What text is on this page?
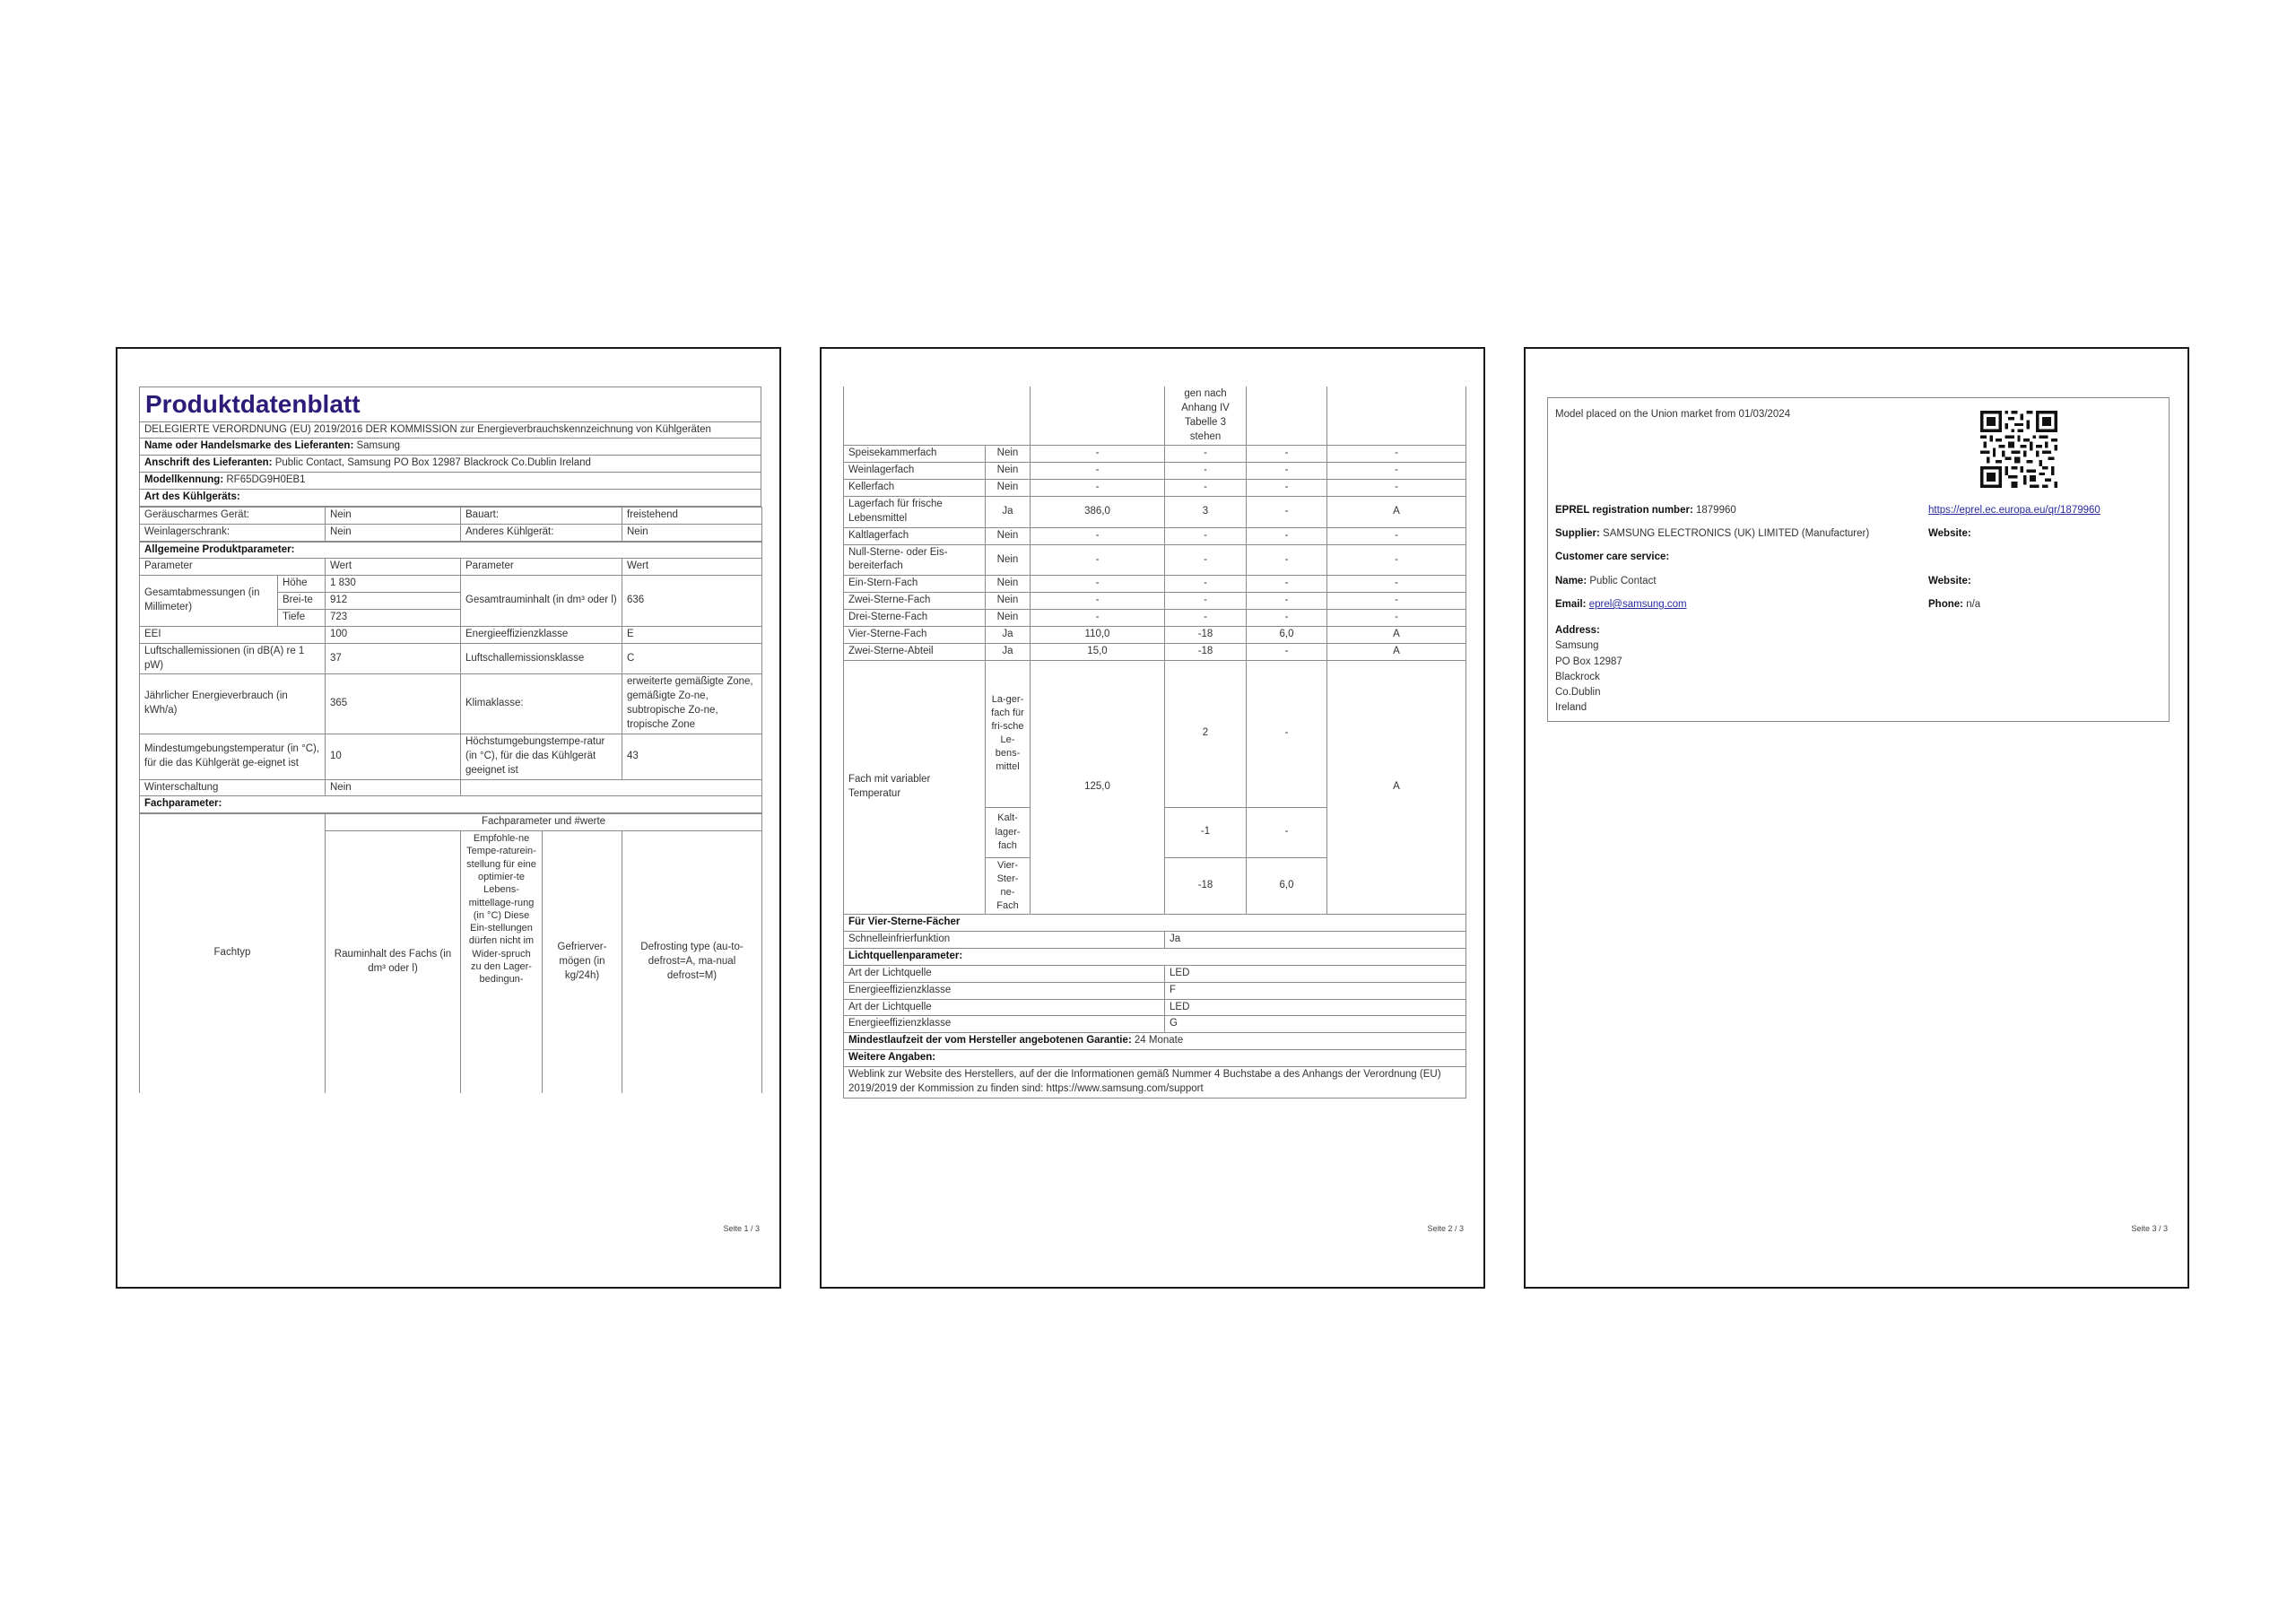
Produktdatenblatt
DELEGIERTE VERORDNUNG (EU) 2019/2016 DER KOMMISSION zur Energieverbrauchskennzeichnung von Kühlgeräten
Name oder Handelsmarke des Lieferanten: Samsung
Anschrift des Lieferanten: Public Contact, Samsung PO Box 12987 Blackrock Co.Dublin Ireland
Modellkennung: RF65DG9H0EB1
Art des Kühlgeräts:
Geräuscharmes Gerät:	Nein	Bauart:	freistehend
Weinlagerschrank:	Nein	Anderes Kühlgerät:	Nein
Allgemeine Produktparameter:				
Parameter		Wert	Parameter	Wert
Gesamtabmessungen (in Millimeter)	Höhe	1 830	Gesamtrauminhalt (in dm³ oder l)	636
	Brei-te	912		
	Tiefe	723		
EEI		100	Energieeffizienzklasse	E
Luftschallemissionen (in dB(A) re 1 pW)		37	Luftschallemissionsklasse	C
Jährlicher Energieverbrauch (in kWh/a)		365	Klimaklasse:	erweiterte gemäßigte Zone, gemäßigte Zo-ne, subtropische Zo-ne, tropische Zone
Mindestumgebungstemperatur (in °C), für die das Kühlgerät ge-eignet ist		10	Höchstumgebungstempe-ratur (in °C), für die das Kühlgerät geeignet ist	43
Winterschaltung		Nein		
Fachparameter:				
Fachtyp	Fachparameter und #werte			
	Rauminhalt des Fachs (in dm³ oder l)	Empfohle-ne Tempe-raturein-stellung für eine optimier-te Lebens-mittellage-rung (in °C) Diese Ein-stellungen dürfen nicht im Wider-spruch zu den Lager-bedingun-	Gefrierver-mögen (in kg/24h)	Defrosting type (au-to-defrost=A, ma-nual defrost=M)
Seite 1 / 3
			gen nach Anhang IV Tabelle 3 stehen		
Speisekammerfach	Nein	-	-	-	-
Weinlagerfach	Nein	-	-	-	-
Kellerfach	Nein	-	-	-	-
Lagerfach für frische Lebensmittel	Ja	386,0	3	-	A
Kaltlagerfach	Nein	-	-	-	-
Null-Sterne- oder Eis-bereiterfach	Nein	-	-	-	-
Ein-Stern-Fach	Nein	-	-	-	-
Zwei-Sterne-Fach	Nein	-	-	-	-
Drei-Sterne-Fach	Nein	-	-	-	-
Vier-Sterne-Fach	Ja	110,0	-18	6,0	A
Zwei-Sterne-Abteil	Ja	15,0	-18	-	A
Fach mit variabler Temperatur	La-ger-fach für fri-sche Le-bens-mittel	125,0	2	-	A
	Kalt-lager-fach		-1	-	
	Vier-Ster-ne-Fach		-18	6,0	
Für Vier-Sterne-Fächer	
Schnelleinfrierfunktion	Ja
Lichtquellenparameter:	
Art der Lichtquelle	LED
Energieeffizienzklasse	F
Art der Lichtquelle	LED
Energieeffizienzklasse	G
Mindestlaufzeit der vom Hersteller angebotenen Garantie: 24 Monate	
Weitere Angaben:	
Weblink zur Website des Herstellers, auf der die Informationen gemäß Nummer 4 Buchstabe a des Anhangs der Verordnung (EU) 2019/2019 der Kommission zu finden sind: https://www.samsung.com/support	
Seite 2 / 3
Model placed on the Union market from 01/03/2024
EPREL registration number: 1879960	https://eprel.ec.europa.eu/qr/1879960
Supplier: SAMSUNG ELECTRONICS (UK) LIMITED (Manufacturer)	Website:
Customer care service:
Name: Public Contact	Website:
Email: eprel@samsung.com	Phone: n/a
Address:
Samsung
PO Box 12987
Blackrock
Co.Dublin
Ireland
Seite 3 / 3
